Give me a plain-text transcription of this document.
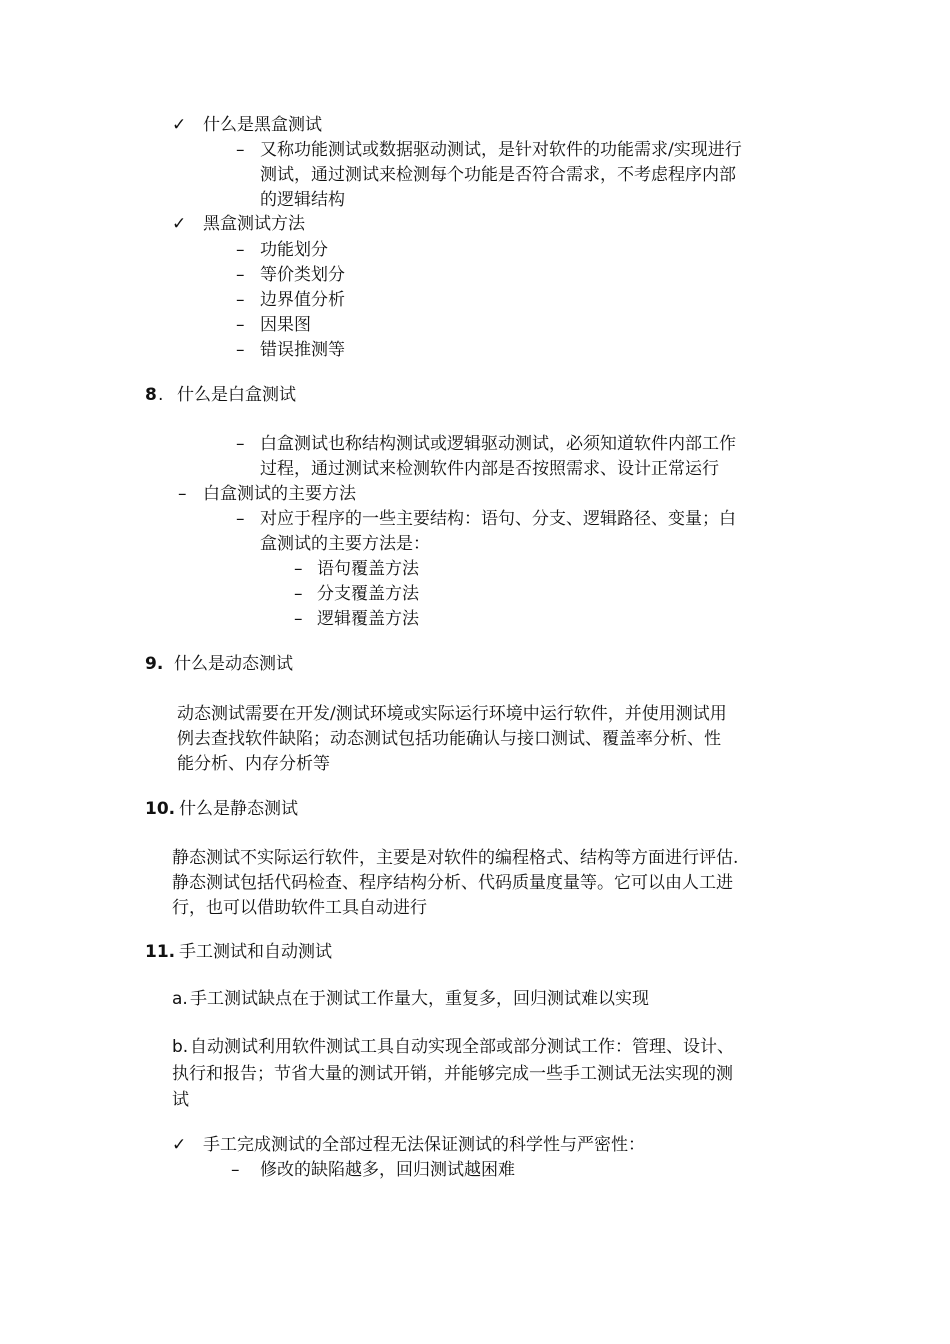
✓ 什么是黑盒测试
– 又称功能测试或数据驱动测试，是针对软件的功能需求/实现进行
测试，通过测试来检测每个功能是否符合需求，不考虑程序内部
的逻辑结构
✓ 黑盒测试方法
– 功能划分
– 等价类划分
– 边界值分析
– 因果图
– 错误推测等
8 . 什么是白盒测试
– 白盒测试也称结构测试或逻辑驱动测试，必须知道软件内部工作
过程，通过测试来检测软件内部是否按照需求、设计正常运行
– 白盒测试的主要方法
– 对应于程序的一些主要结构：语句、分支、逻辑路径、变量；白
盒测试的主要方法是：
– 语句覆盖方法
– 分支覆盖方法
– 逻辑覆盖方法
9. 什么是动态测试
动态测试需要在开发/测试环境或实际运行环境中运行软件，并使用测试用
例去查找软件缺陷；动态测试包括功能确认与接口测试、覆盖率分析、性
能分析、内存分析等
10. 什么是静态测试
静态测试不实际运行软件，主要是对软件的编程格式、结构等方面进行评估.
静态测试包括代码检查、程序结构分析、代码质量度量等。它可以由人工进
行，也可以借助软件工具自动进行
11. 手工测试和自动测试
a. 手工测试缺点在于测试工作量大，重复多，回归测试难以实现
b. 自动测试利用软件测试工具自动实现全部或部分测试工作：管理、设计、
执行和报告；节省大量的测试开销，并能够完成一些手工测试无法实现的测
试
✓ 手工完成测试的全部过程无法保证测试的科学性与严密性：
– 修改的缺陷越多，回归测试越困难
